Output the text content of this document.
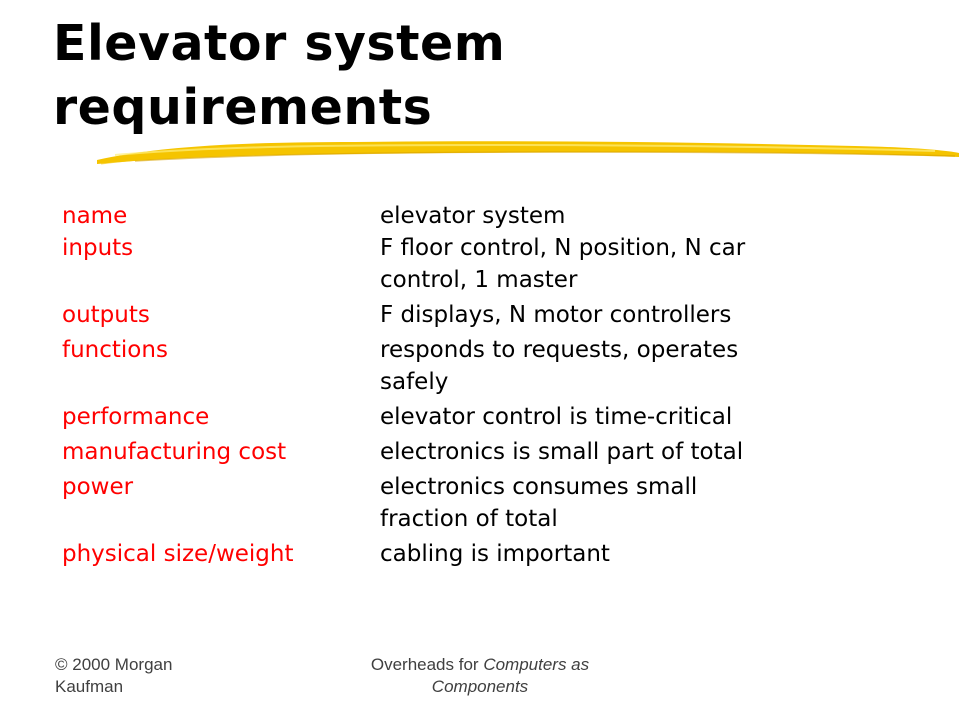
Elevator system
requirements
name	elevator system
inputs	F floor control, N position, N car control, 1 master
outputs	F displays, N motor controllers
functions	responds to requests, operates safely
performance	elevator control is time-critical
manufacturing cost	electronics is small part of total
power	electronics consumes small fraction of total
physical size/weight	cabling is important
© 2000 Morgan
Kaufman
Overheads for Computers as
Components
